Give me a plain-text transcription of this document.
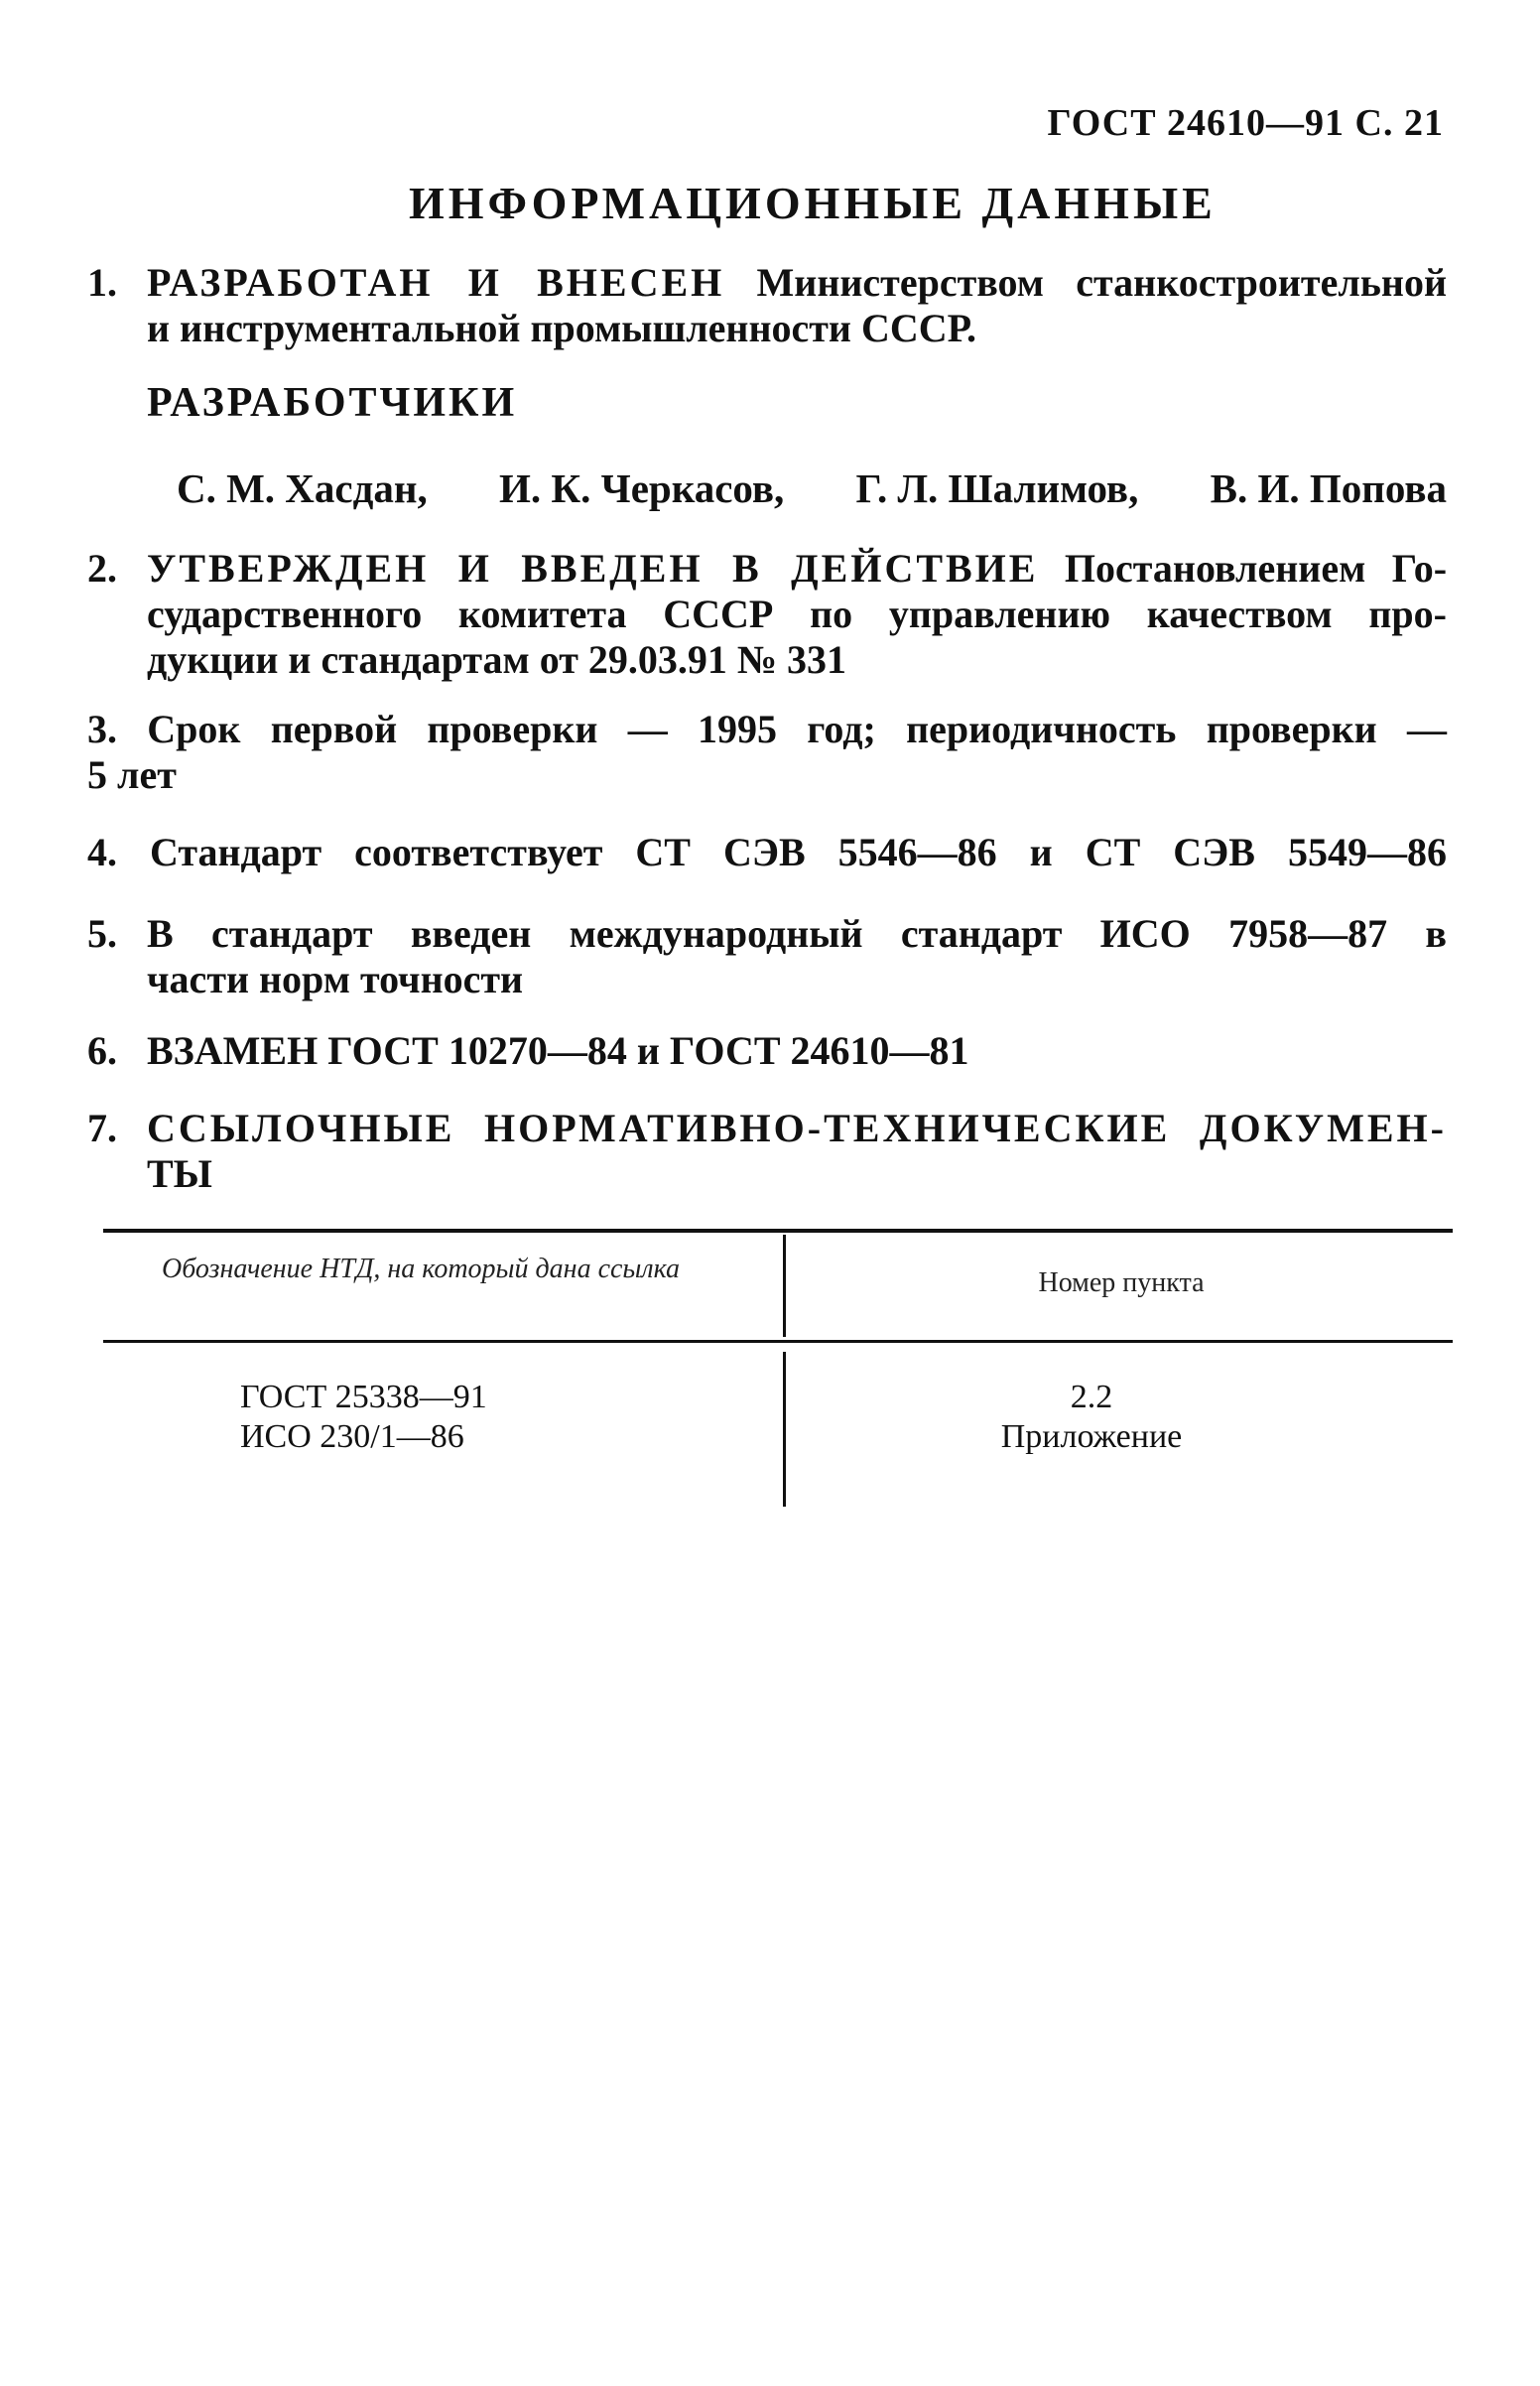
ГОСТ 24610—91 С. 21
ИНФОРМАЦИОННЫЕ ДАННЫЕ
1. РАЗРАБОТАН И ВНЕСЕН Министерством станкостроительной
и инструментальной промышленности СССР.
РАЗРАБОТЧИКИ
С. М. Хасдан, И. К. Черкасов, Г. Л. Шалимов, В. И. Попова
2. УТВЕРЖДЕН И ВВЕДЕН В ДЕЙСТВИЕ Постановлением Го-
сударственного комитета СССР по управлению качеством про-
дукции и стандартам от 29.03.91 № 331
3. Срок первой проверки — 1995 год; периодичность проверки —
5 лет
4. Стандарт соответствует СТ СЭВ 5546—86 и СТ СЭВ 5549—86
5. В стандарт введен международный стандарт ИСО 7958—87 в
части норм точности
6. ВЗАМЕН ГОСТ 10270—84 и ГОСТ 24610—81
7. ССЫЛОЧНЫЕ НОРМАТИВНО-ТЕХНИЧЕСКИЕ ДОКУМЕН-
ТЫ
Обозначение НТД, на который дана ссылка	Номер пункта
ГОСТ 25338—91
ИСО 230/1—86
2.2
Приложение
